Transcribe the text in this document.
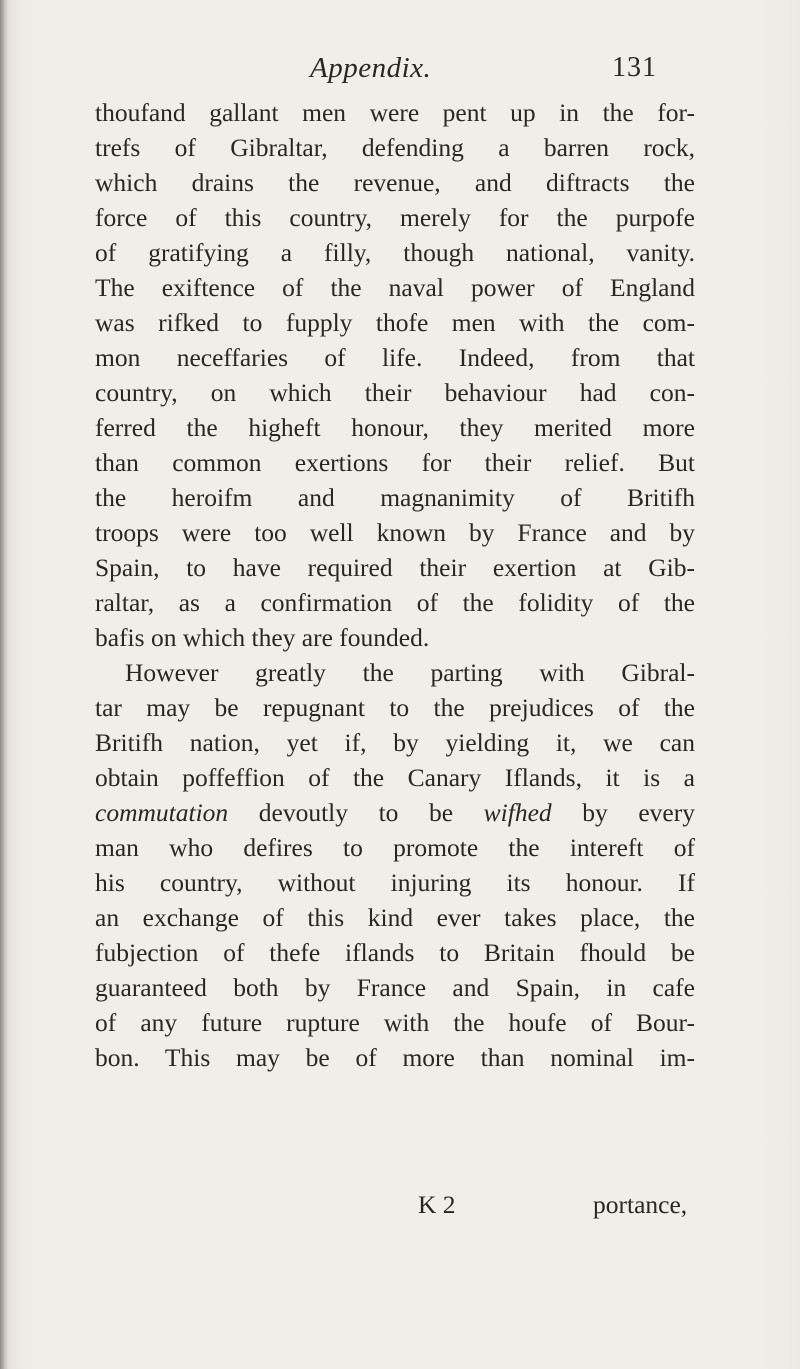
Appendix.	131
thoufand gallant men were pent up in the for-
trefs of Gibraltar, defending a barren rock,
which drains the revenue, and diftracts the
force of this country, merely for the purpofe
of gratifying a filly, though national, vanity.
The exiftence of the naval power of England
was rifked to fupply thofe men with the com-
mon neceffaries of life. Indeed, from that
country, on which their behaviour had con-
ferred the higheft honour, they merited more
than common exertions for their relief. But
the heroifm and magnanimity of Britifh
troops were too well known by France and by
Spain, to have required their exertion at Gib-
raltar, as a confirmation of the folidity of the
bafis on which they are founded.
However greatly the parting with Gibral-
tar may be repugnant to the prejudices of the
Britifh nation, yet if, by yielding it, we can
obtain poffeffion of the Canary Iflands, it is a
commutation devoutly to be wifhed by every
man who defires to promote the intereft of
his country, without injuring its honour. If
an exchange of this kind ever takes place, the
fubjection of thefe iflands to Britain fhould be
guaranteed both by France and Spain, in cafe
of any future rupture with the houfe of Bour-
bon. This may be of more than nominal im-
K 2	portance,
